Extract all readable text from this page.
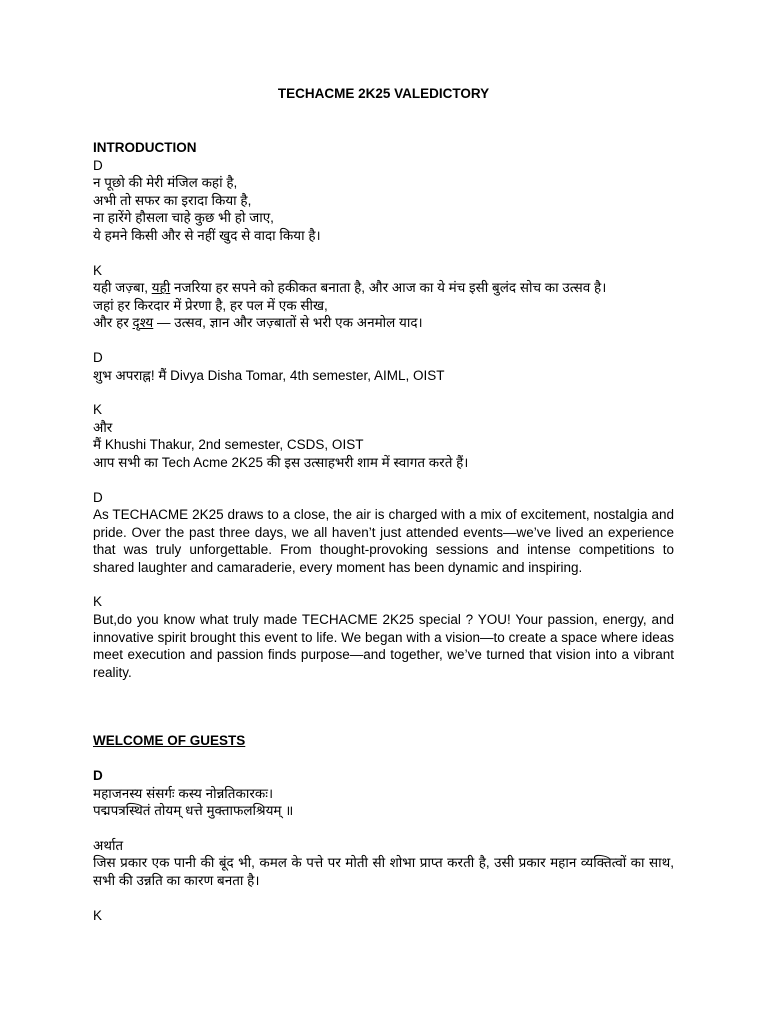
TECHACME 2K25 VALEDICTORY
INTRODUCTION
D
न पूछो की मेरी मंजिल कहां है,
अभी तो सफर का इरादा किया है,
ना हारेंगे हौसला चाहे कुछ भी हो जाए,
ये हमने किसी और से नहीं खुद से वादा किया है।
K
यही जज़्बा, यही नजरिया हर सपने को हकीकत बनाता है, और आज का ये मंच इसी बुलंद सोच का उत्सव है।
जहां हर किरदार में प्रेरणा है, हर पल में एक सीख,
और हर दृश्य — उत्सव, ज्ञान और जज़्बातों से भरी एक अनमोल याद।
D
शुभ अपराह्न! मैं Divya Disha Tomar, 4th semester, AIML, OIST
K
और
मैं Khushi Thakur, 2nd semester, CSDS, OIST
आप सभी का Tech Acme 2K25 की इस उत्साहभरी शाम में स्वागत करते हैं।
D
As TECHACME 2K25 draws to a close, the air is charged with a mix of excitement, nostalgia and pride. Over the past three days, we all haven’t just attended events—we’ve lived an experience that was truly unforgettable. From thought-provoking sessions and intense competitions to shared laughter and camaraderie, every moment has been dynamic and inspiring.
K
But,do you know what truly made TECHACME 2K25 special ? YOU! Your passion, energy, and innovative spirit brought this event to life. We began with a vision—to create a space where ideas meet execution and passion finds purpose—and together, we’ve turned that vision into a vibrant reality.
WELCOME OF GUESTS
D
महाजनस्य संसर्गः कस्य नोन्नतिकारकः।
पद्मपत्रस्थितं तोयम् धत्ते मुक्ताफलश्रियम् ॥
अर्थात
जिस प्रकार एक पानी की बूंद भी, कमल के पत्ते पर मोती सी शोभा प्राप्त करती है, उसी प्रकार महान व्यक्तित्वों का साथ, सभी की उन्नति का कारण बनता है।
K
